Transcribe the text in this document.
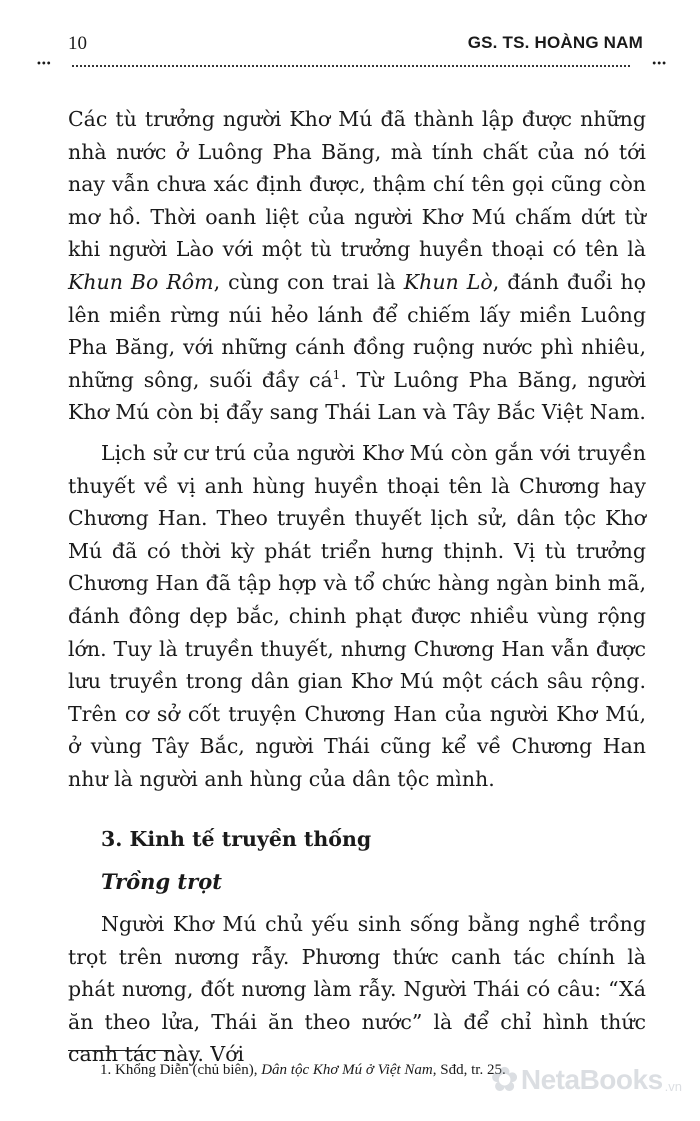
10	GS. TS. HOÀNG NAM
•••	•••

Các tù trưởng người Khơ Mú đã thành lập được những nhà nước ở Luông Pha Băng, mà tính chất của nó tới nay vẫn chưa xác định được, thậm chí tên gọi cũng còn mơ hồ. Thời oanh liệt của người Khơ Mú chấm dứt từ khi người Lào với một tù trưởng huyền thoại có tên là Khun Bo Rôm, cùng con trai là Khun Lò, đánh đuổi họ lên miền rừng núi hẻo lánh để chiếm lấy miền Luông Pha Băng, với những cánh đồng ruộng nước phì nhiêu, những sông, suối đầy $cá^1$. Từ Luông Pha Băng, người Khơ Mú còn bị đẩy sang Thái Lan và Tây Bắc Việt Nam.

Lịch sử cư trú của người Khơ Mú còn gắn với truyền thuyết về vị anh hùng huyền thoại tên là Chương hay Chương Han. Theo truyền thuyết lịch sử, dân tộc Khơ Mú đã có thời kỳ phát triển hưng thịnh. Vị tù trưởng Chương Han đã tập hợp và tổ chức hàng ngàn binh mã, đánh đông dẹp bắc, chinh phạt được nhiều vùng rộng lớn. Tuy là truyền thuyết, nhưng Chương Han vẫn được lưu truyền trong dân gian Khơ Mú một cách sâu rộng. Trên cơ sở cốt truyện Chương Han của người Khơ Mú, ở vùng Tây Bắc, người Thái cũng kể về Chương Han như là người anh hùng của dân tộc mình.

3. Kinh tế truyền thống
Trồng trọt

Người Khơ Mú chủ yếu sinh sống bằng nghề trồng trọt trên nương rẫy. Phương thức canh tác chính là phát nương, đốt nương làm rẫy. Người Thái có câu: “Xá ăn theo lửa, Thái ăn theo nước” là để chỉ hình thức canh tác này. Với

1. Khổng Diễn (chủ biên), Dân tộc Khơ Mú ở Việt Nam, Sđd, tr. 25.
✿ NetaBooks .vn
